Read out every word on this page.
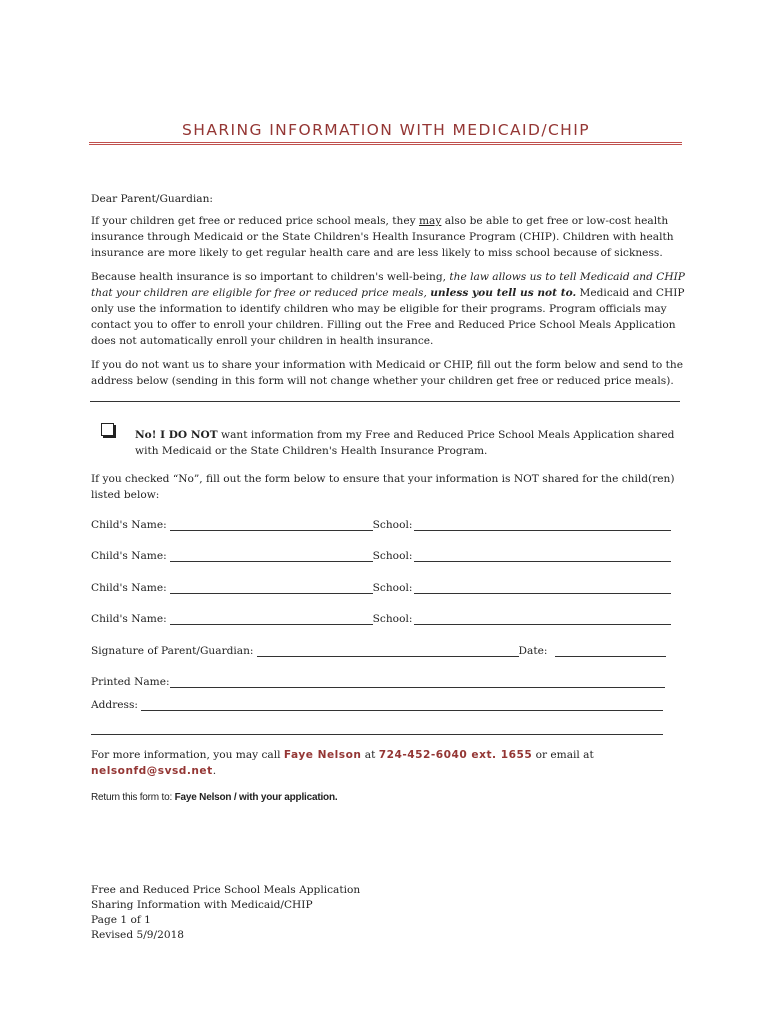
SHARING INFORMATION WITH MEDICAID/CHIP
Dear Parent/Guardian:
If your children get free or reduced price school meals, they may also be able to get free or low-cost health insurance through Medicaid or the State Children's Health Insurance Program (CHIP). Children with health insurance are more likely to get regular health care and are less likely to miss school because of sickness.
Because health insurance is so important to children's well-being, the law allows us to tell Medicaid and CHIP that your children are eligible for free or reduced price meals, unless you tell us not to. Medicaid and CHIP only use the information to identify children who may be eligible for their programs. Program officials may contact you to offer to enroll your children. Filling out the Free and Reduced Price School Meals Application does not automatically enroll your children in health insurance.
If you do not want us to share your information with Medicaid or CHIP, fill out the form below and send to the address below (sending in this form will not change whether your children get free or reduced price meals).
No! I DO NOT want information from my Free and Reduced Price School Meals Application shared with Medicaid or the State Children's Health Insurance Program.
If you checked “No”, fill out the form below to ensure that your information is NOT shared for the child(ren) listed below:
Child's Name:	School:
Child's Name:	School:
Child's Name:	School:
Child's Name:	School:
Signature of Parent/Guardian:	Date:
Printed Name:
Address:
For more information, you may call Faye Nelson at 724-452-6040 ext. 1655 or email at
nelsonfd@svsd.net.
Return this form to: Faye Nelson / with your application.
Free and Reduced Price School Meals Application
Sharing Information with Medicaid/CHIP
Page 1 of 1
Revised 5/9/2018
